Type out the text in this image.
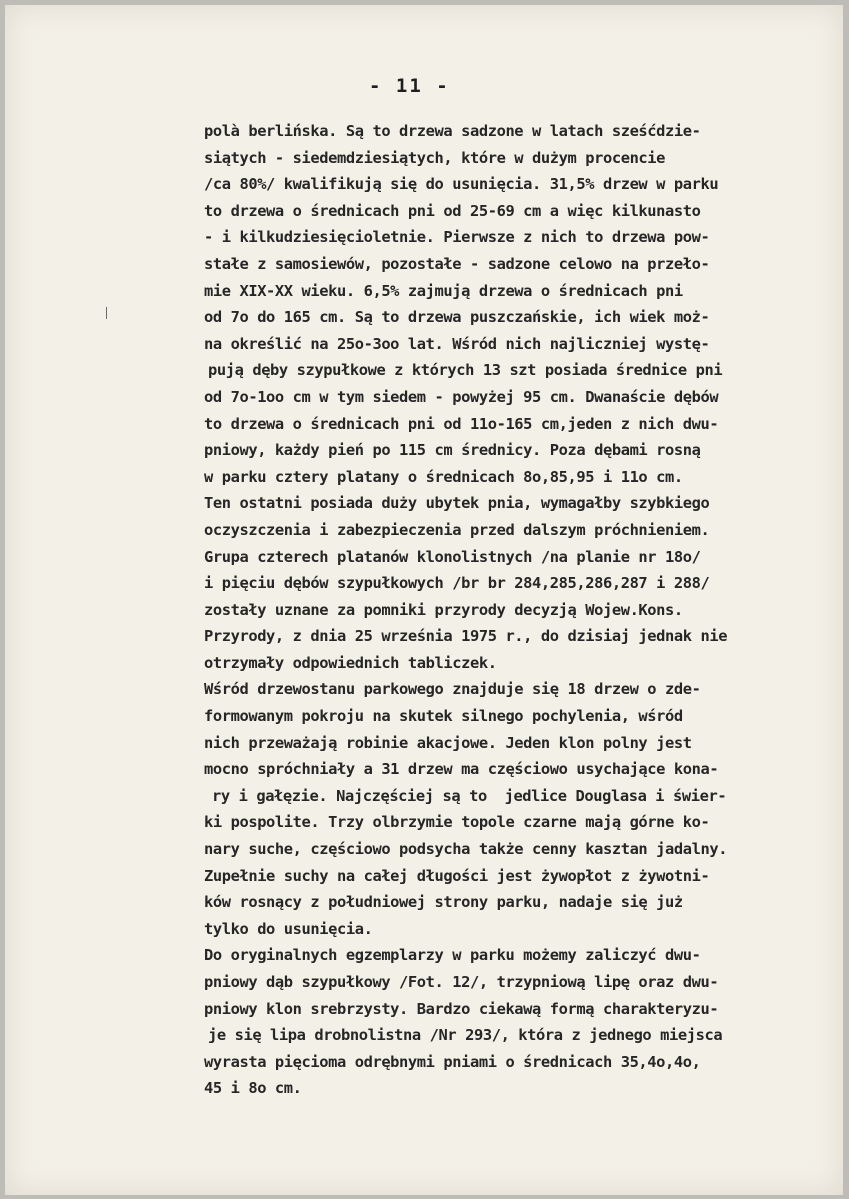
- 11 -
polà berlińska. Są to drzewa sadzone w latach sześćdzie-
siątych - siedemdziesiątych, które w dużym procencie
/ca 80%/ kwalifikują się do usunięcia. 31,5% drzew w parku
to drzewa o średnicach pni od 25-69 cm a więc kilkunasto
- i kilkudziesięcioletnie. Pierwsze z nich to drzewa pow-
stałe z samosiewów, pozostałe - sadzone celowo na przeło-
mie XIX-XX wieku. 6,5% zajmują drzewa o średnicach pni
od 7o do 165 cm. Są to drzewa puszczańskie, ich wiek moż-
na określić na 25o-3oo lat. Wśród nich najliczniej wystę-
pują dęby szypułkowe z których 13 szt posiada średnice pni
od 7o-1oo cm w tym siedem - powyżej 95 cm. Dwanaście dębów
to drzewa o średnicach pni od 11o-165 cm,jeden z nich dwu-
pniowy, każdy pień po 115 cm średnicy. Poza dębami rosną
w parku cztery platany o średnicach 8o,85,95 i 11o cm.
Ten ostatni posiada duży ubytek pnia, wymagałby szybkiego
oczyszczenia i zabezpieczenia przed dalszym próchnieniem.
Grupa czterech platanów klonolistnych /na planie nr 18o/
i pięciu dębów szypułkowych /br br 284,285,286,287 i 288/
zostały uznane za pomniki przyrody decyzją Wojew.Kons.
Przyrody, z dnia 25 września 1975 r., do dzisiaj jednak nie
otrzymały odpowiednich tabliczek.
Wśród drzewostanu parkowego znajduje się 18 drzew o zde-
formowanym pokroju na skutek silnego pochylenia, wśród
nich przeważają robinie akacjowe. Jeden klon polny jest
mocno spróchniały a 31 drzew ma częściowo usychające kona-
ry i gałęzie. Najczęściej są to  jedlice Douglasa i świer-
ki pospolite. Trzy olbrzymie topole czarne mają górne ko-
nary suche, częściowo podsycha także cenny kasztan jadalny.
Zupełnie suchy na całej długości jest żywopłot z żywotni-
ków rosnący z południowej strony parku, nadaje się już
tylko do usunięcia.
Do oryginalnych egzemplarzy w parku możemy zaliczyć dwu-
pniowy dąb szypułkowy /Fot. 12/, trzypniową lipę oraz dwu-
pniowy klon srebrzysty. Bardzo ciekawą formą charakteryzu-
je się lipa drobnolistna /Nr 293/, która z jednego miejsca
wyrasta pięcioma odrębnymi pniami o średnicach 35,4o,4o,
45 i 8o cm.
